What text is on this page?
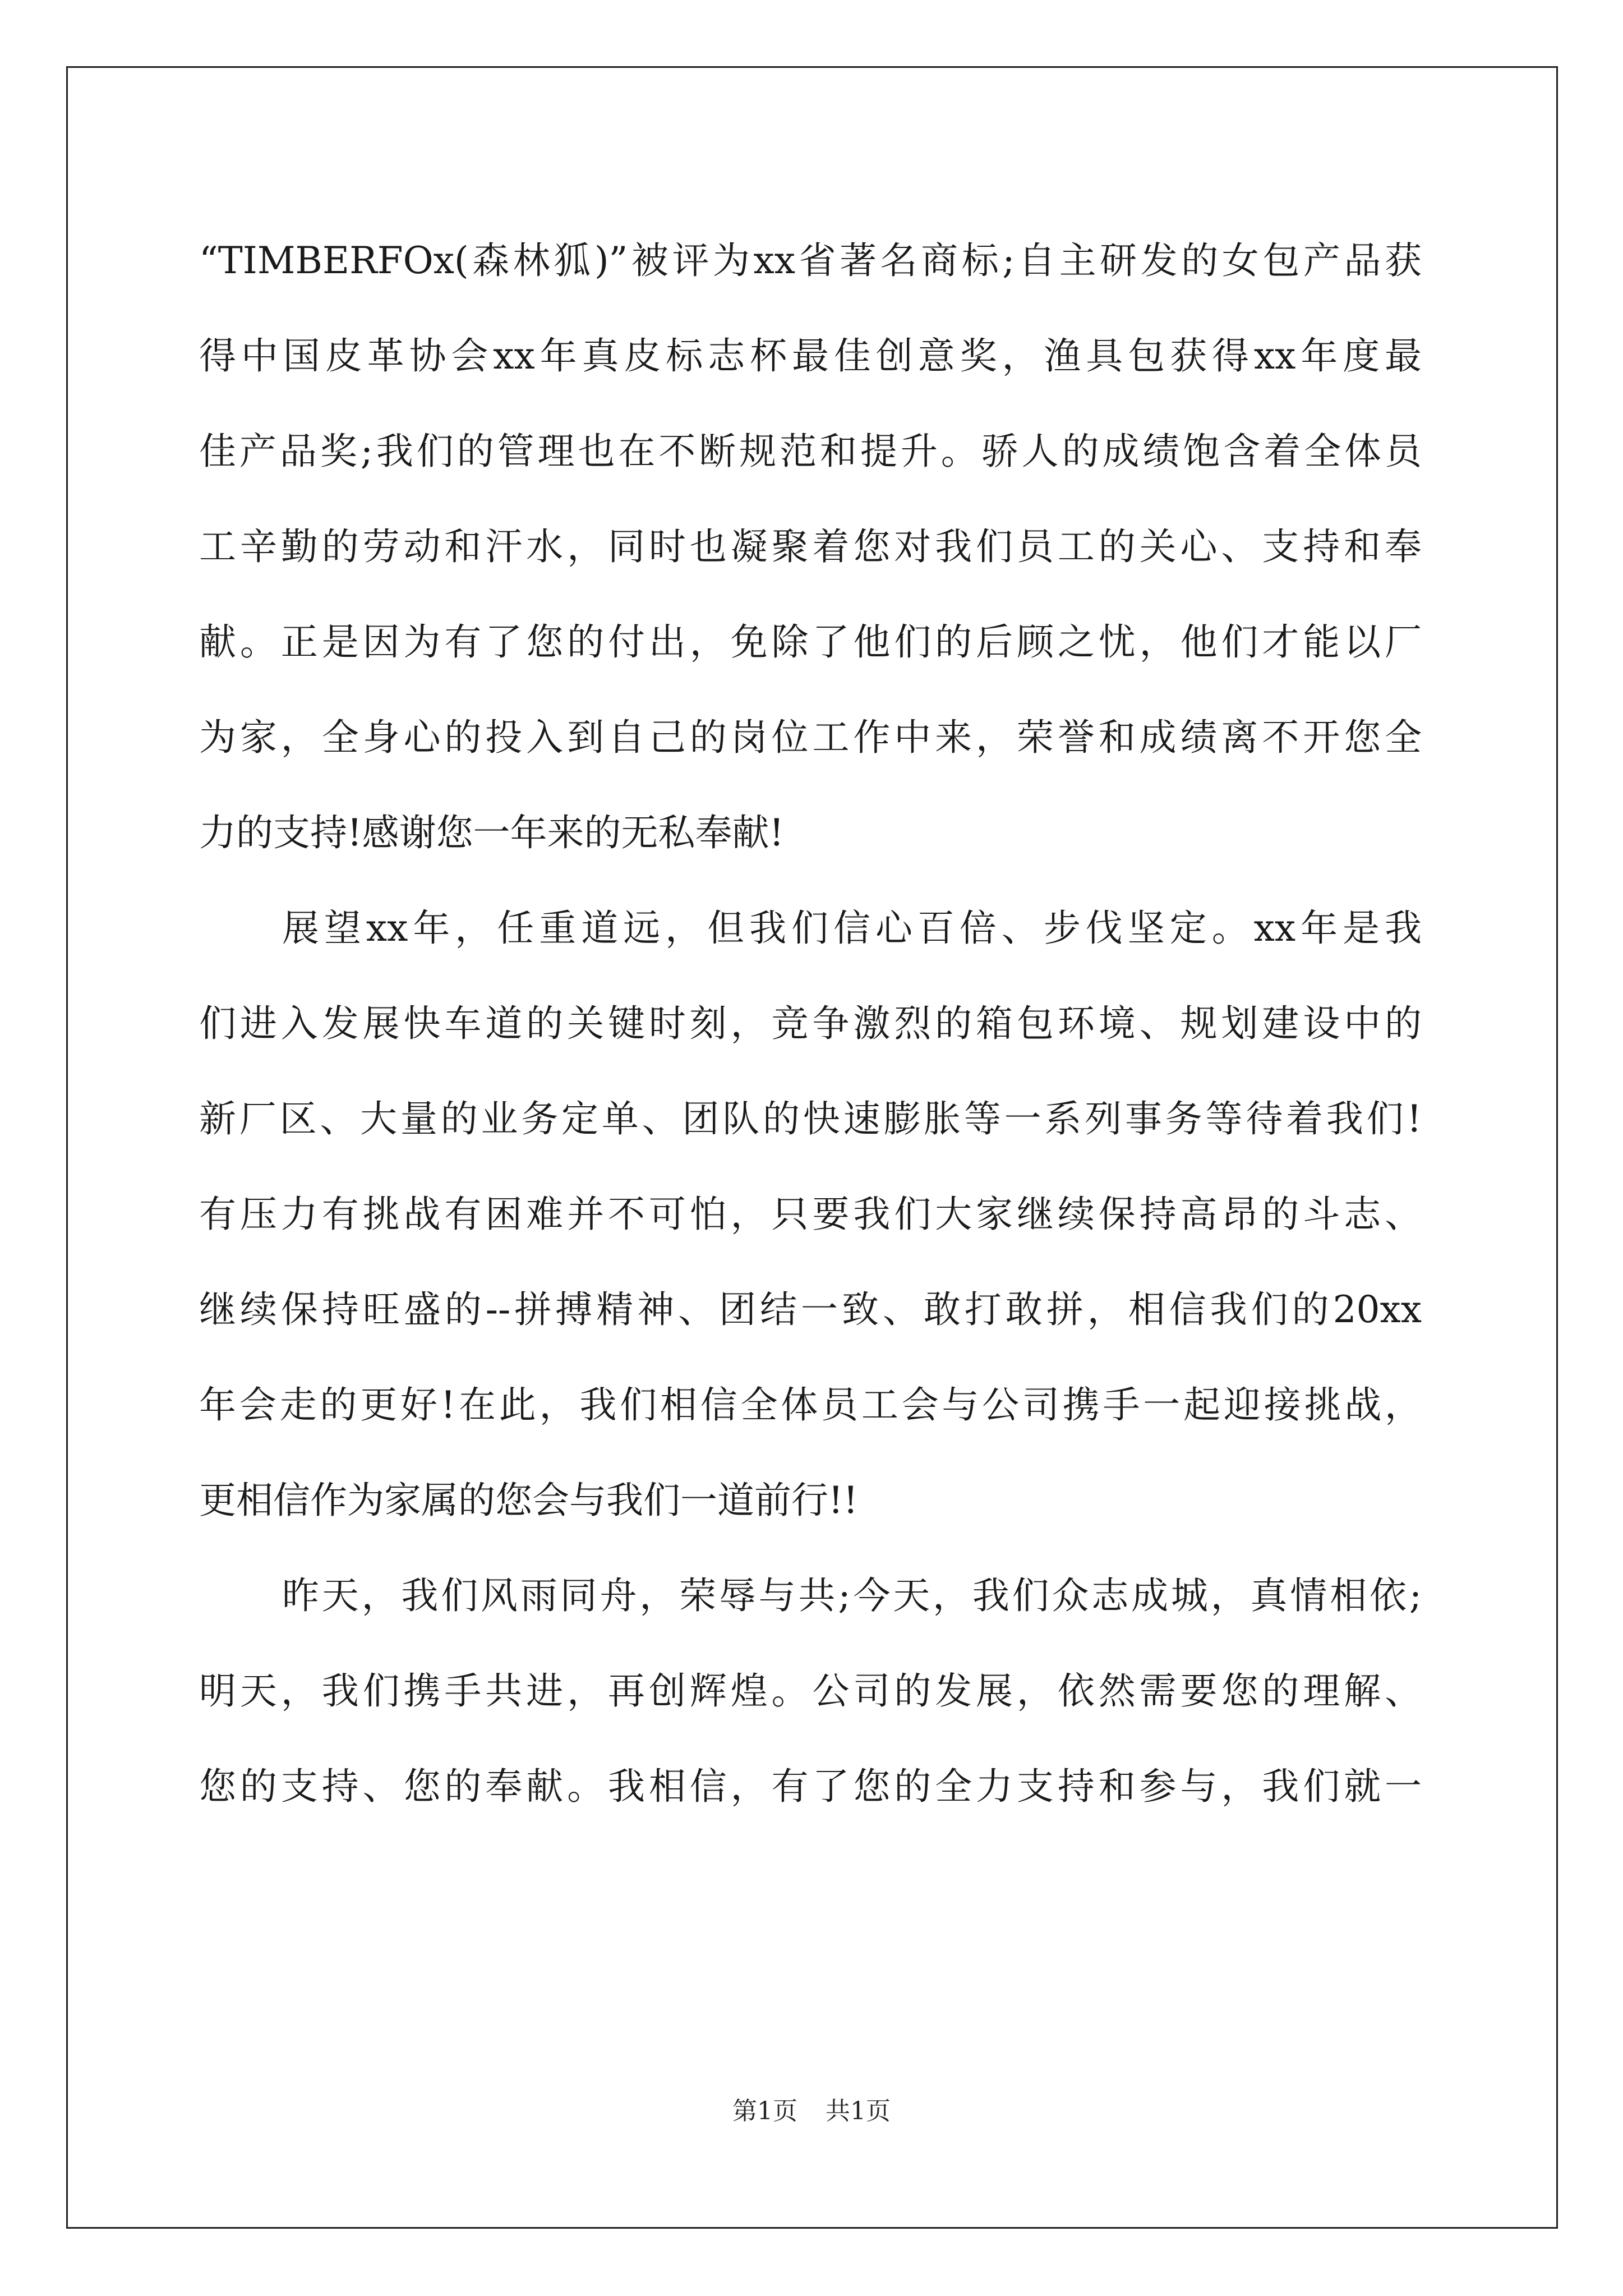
“TIMBERFOx(森林狐)”被评为xx省著名商标;自主研发的女包产品获
得中国皮革协会xx年真皮标志杯最佳创意奖，渔具包获得xx年度最
佳产品奖;我们的管理也在不断规范和提升。骄人的成绩饱含着全体员
工辛勤的劳动和汗水，同时也凝聚着您对我们员工的关心、支持和奉
献。正是因为有了您的付出，免除了他们的后顾之忧，他们才能以厂
为家，全身心的投入到自己的岗位工作中来，荣誉和成绩离不开您全
力的支持!感谢您一年来的无私奉献!
展望xx年，任重道远，但我们信心百倍、步伐坚定。xx年是我
们进入发展快车道的关键时刻，竞争激烈的箱包环境、规划建设中的
新厂区、大量的业务定单、团队的快速膨胀等一系列事务等待着我们!
有压力有挑战有困难并不可怕，只要我们大家继续保持高昂的斗志、
继续保持旺盛的--拼搏精神、团结一致、敢打敢拼，相信我们的20xx
年会走的更好!在此，我们相信全体员工会与公司携手一起迎接挑战，
更相信作为家属的您会与我们一道前行!!
昨天，我们风雨同舟，荣辱与共;今天，我们众志成城，真情相依;
明天，我们携手共进，再创辉煌。公司的发展，依然需要您的理解、
您的支持、您的奉献。我相信，有了您的全力支持和参与，我们就一
第1页 共1页
